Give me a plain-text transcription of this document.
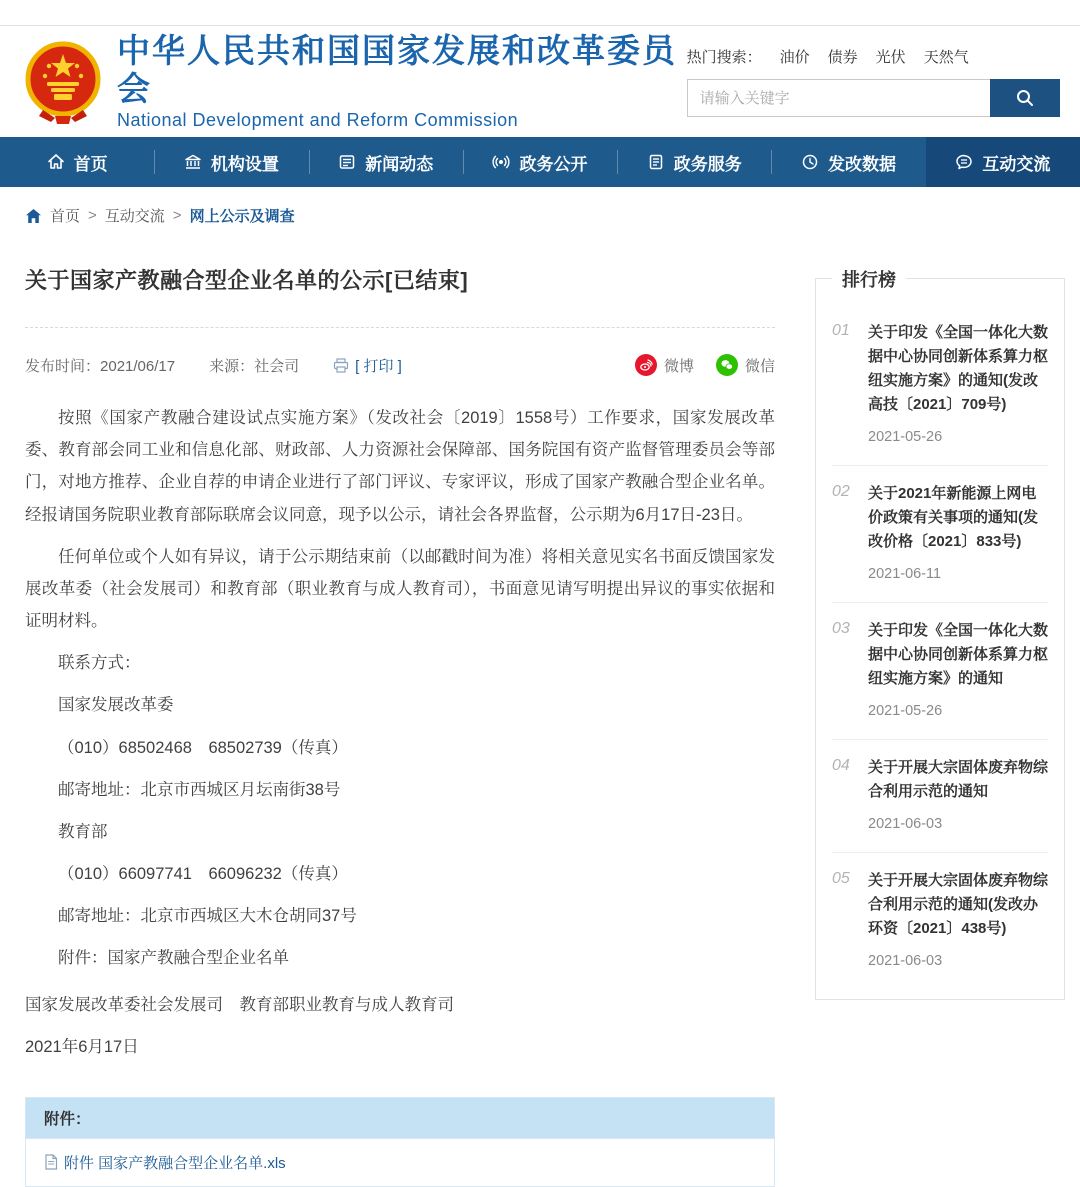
中华人民共和国国家发展和改革委员会
National Development and Reform Commission
热门搜索： 油价 债券 光伏 天然气
请输入关键字
首页	机构设置	新闻动态	政务公开	政务服务	发改数据	互动交流
首页 > 互动交流 > 网上公示及调查
关于国家产教融合型企业名单的公示[已结束]
发布时间：2021/06/17 来源：社会司	[ 打印 ]	微博	微信

按照《国家产教融合建设试点实施方案》（发改社会〔2019〕1558号）工作要求，国家发展改革委、教育部会同工业和信息化部、财政部、人力资源社会保障部、国务院国有资产监督管理委员会等部门，对地方推荐、企业自荐的申请企业进行了部门评议、专家评议，形成了国家产教融合型企业名单。经报请国务院职业教育部际联席会议同意，现予以公示，请社会各界监督，公示期为6月17日-23日。

任何单位或个人如有异议，请于公示期结束前（以邮戳时间为准）将相关意见实名书面反馈国家发展改革委（社会发展司）和教育部（职业教育与成人教育司），书面意见请写明提出异议的事实依据和证明材料。

联系方式：

国家发展改革委

（010）68502468　68502739（传真）

邮寄地址：北京市西城区月坛南街38号

教育部

（010）66097741　66096232（传真）

邮寄地址：北京市西城区大木仓胡同37号

附件：国家产教融合型企业名单

国家发展改革委社会发展司　教育部职业教育与成人教育司

2021年6月17日

附件：
附件 国家产教融合型企业名单.xls
排行榜
01	关于印发《全国一体化大数据中心协同创新体系算力枢纽实施方案》的通知(发改高技〔2021〕709号)
2021-05-26
02	关于2021年新能源上网电价政策有关事项的通知(发改价格〔2021〕833号)
2021-06-11
03	关于印发《全国一体化大数据中心协同创新体系算力枢纽实施方案》的通知
2021-05-26
04	关于开展大宗固体废弃物综合利用示范的通知
2021-06-03
05	关于开展大宗固体废弃物综合利用示范的通知(发改办环资〔2021〕438号)
2021-06-03
